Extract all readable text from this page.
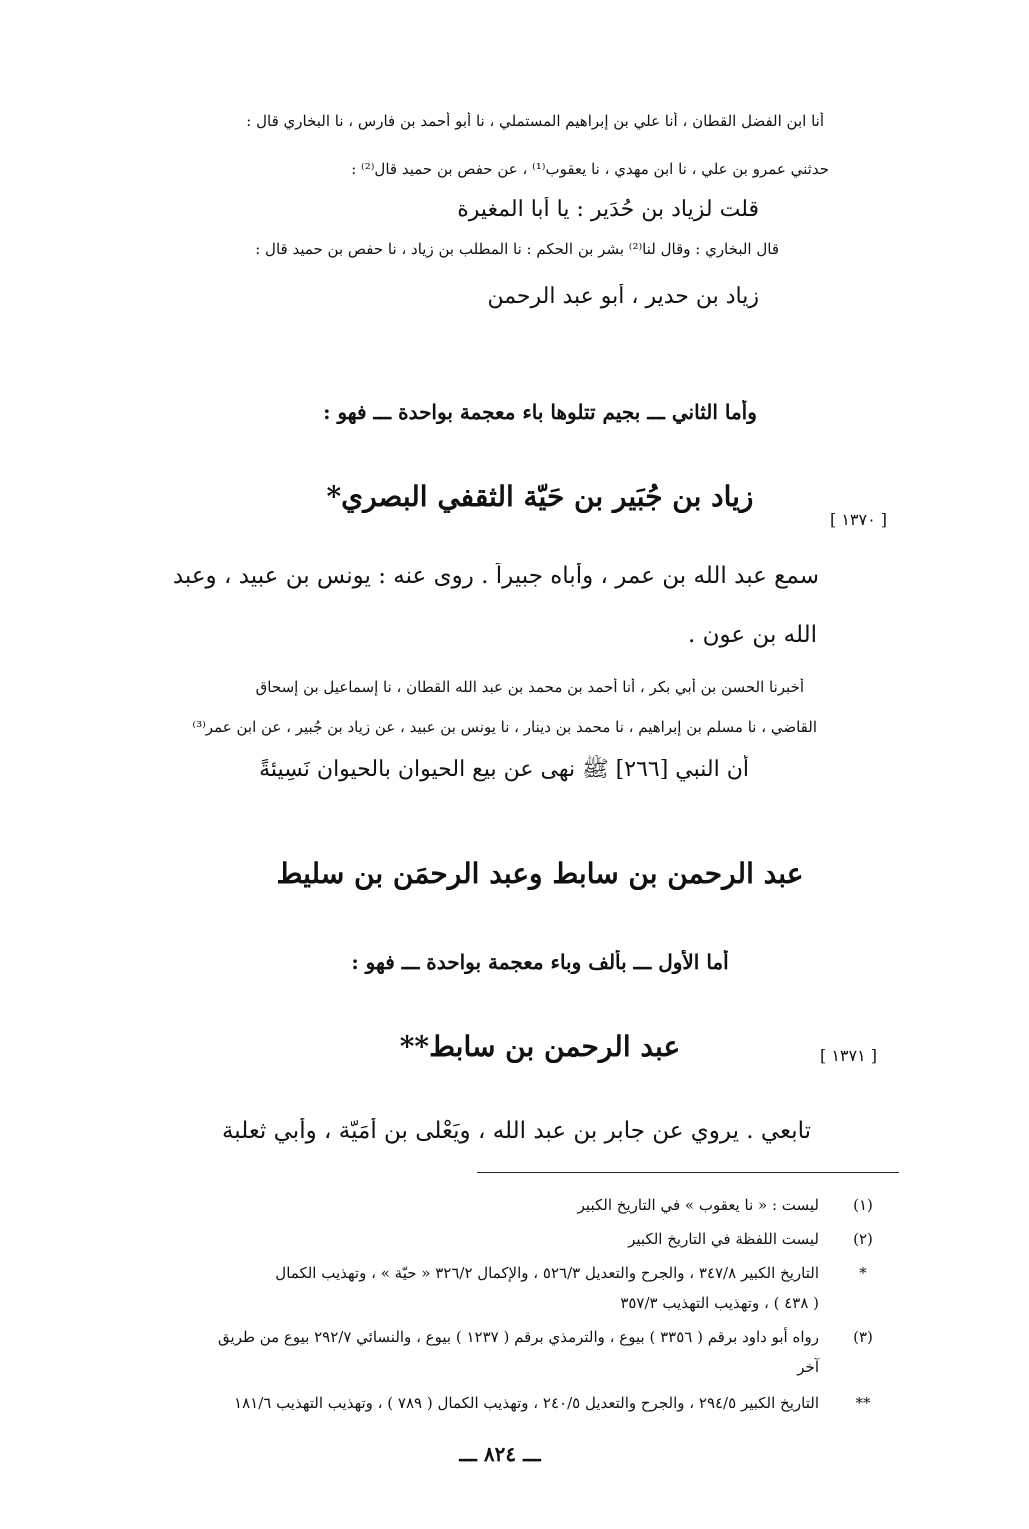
أنا ابن الفضل القطان ، أنا علي بن إبراهيم المستملي ، نا أبو أحمد بن فارس ، نا البخاري قال :
حدثني عمرو بن علي ، نا ابن مهدي ، نا يعقوب⁽¹⁾ ، عن حفص بن حميد قال⁽²⁾ :
قلت لزياد بن حُدَير : يا أبا المغيرة
قال البخاري : وقال لنا⁽²⁾ بشر بن الحكم : نا المطلب بن زياد ، نا حفص بن حميد قال :
زياد بن حدير ، أبو عبد الرحمن
وأما الثاني ـــ بجيم تتلوها باء معجمة بواحدة ـــ فهو :
زياد بن جُبَير بن حَيّة الثقفي البصري*
[ ١٣٧٠ ]
سمع عبد الله بن عمر ، وأباه جبيراً . روى عنه : يونس بن عبيد ، وعبد
الله بن عون .
أخبرنا الحسن بن أبي بكر ، أنا أحمد بن محمد بن عبد الله القطان ، نا إسماعيل بن إسحاق
القاضي ، نا مسلم بن إبراهيم ، نا محمد بن دينار ، نا يونس بن عبيد ، عن زياد بن جُبير ، عن ابن عمر⁽³⁾
أن النبي [٢٦٦] ﷺ نهى عن بيع الحيوان بالحيوان نَسِيئةً
عبد الرحمن بن سابط وعبد الرحمَن بن سليط
أما الأول ـــ بألف وباء معجمة بواحدة ـــ فهو :
عبد الرحمن بن سابط**	[ ١٣٧١ ]
تابعي . يروي عن جابر بن عبد الله ، ويَعْلى بن أُمَيّة ، وأبي ثعلبة
(١)
ليست : « نا يعقوب » في التاريخ الكبير
(٢)
ليست اللفظة في التاريخ الكبير
*
التاريخ الكبير ٣٤٧/٨ ، والجرح والتعديل ٥٢٦/٣ ، والإكمال ٣٢٦/٢ « حيّة » ، وتهذيب الكمال
( ٤٣٨ ) ، وتهذيب التهذيب ٣٥٧/٣
(٣)
رواه أبو داود برقم ( ٣٣٥٦ ) بيوع ، والترمذي برقم ( ١٢٣٧ ) بيوع ، والنسائي ٢٩٢/٧ بيوع من طريق
آخر
**
التاريخ الكبير ٢٩٤/٥ ، والجرح والتعديل ٢٤٠/٥ ، وتهذيب الكمال ( ٧٨٩ ) ، وتهذيب التهذيب ١٨١/٦
ـــ ٨٢٤ ـــ
